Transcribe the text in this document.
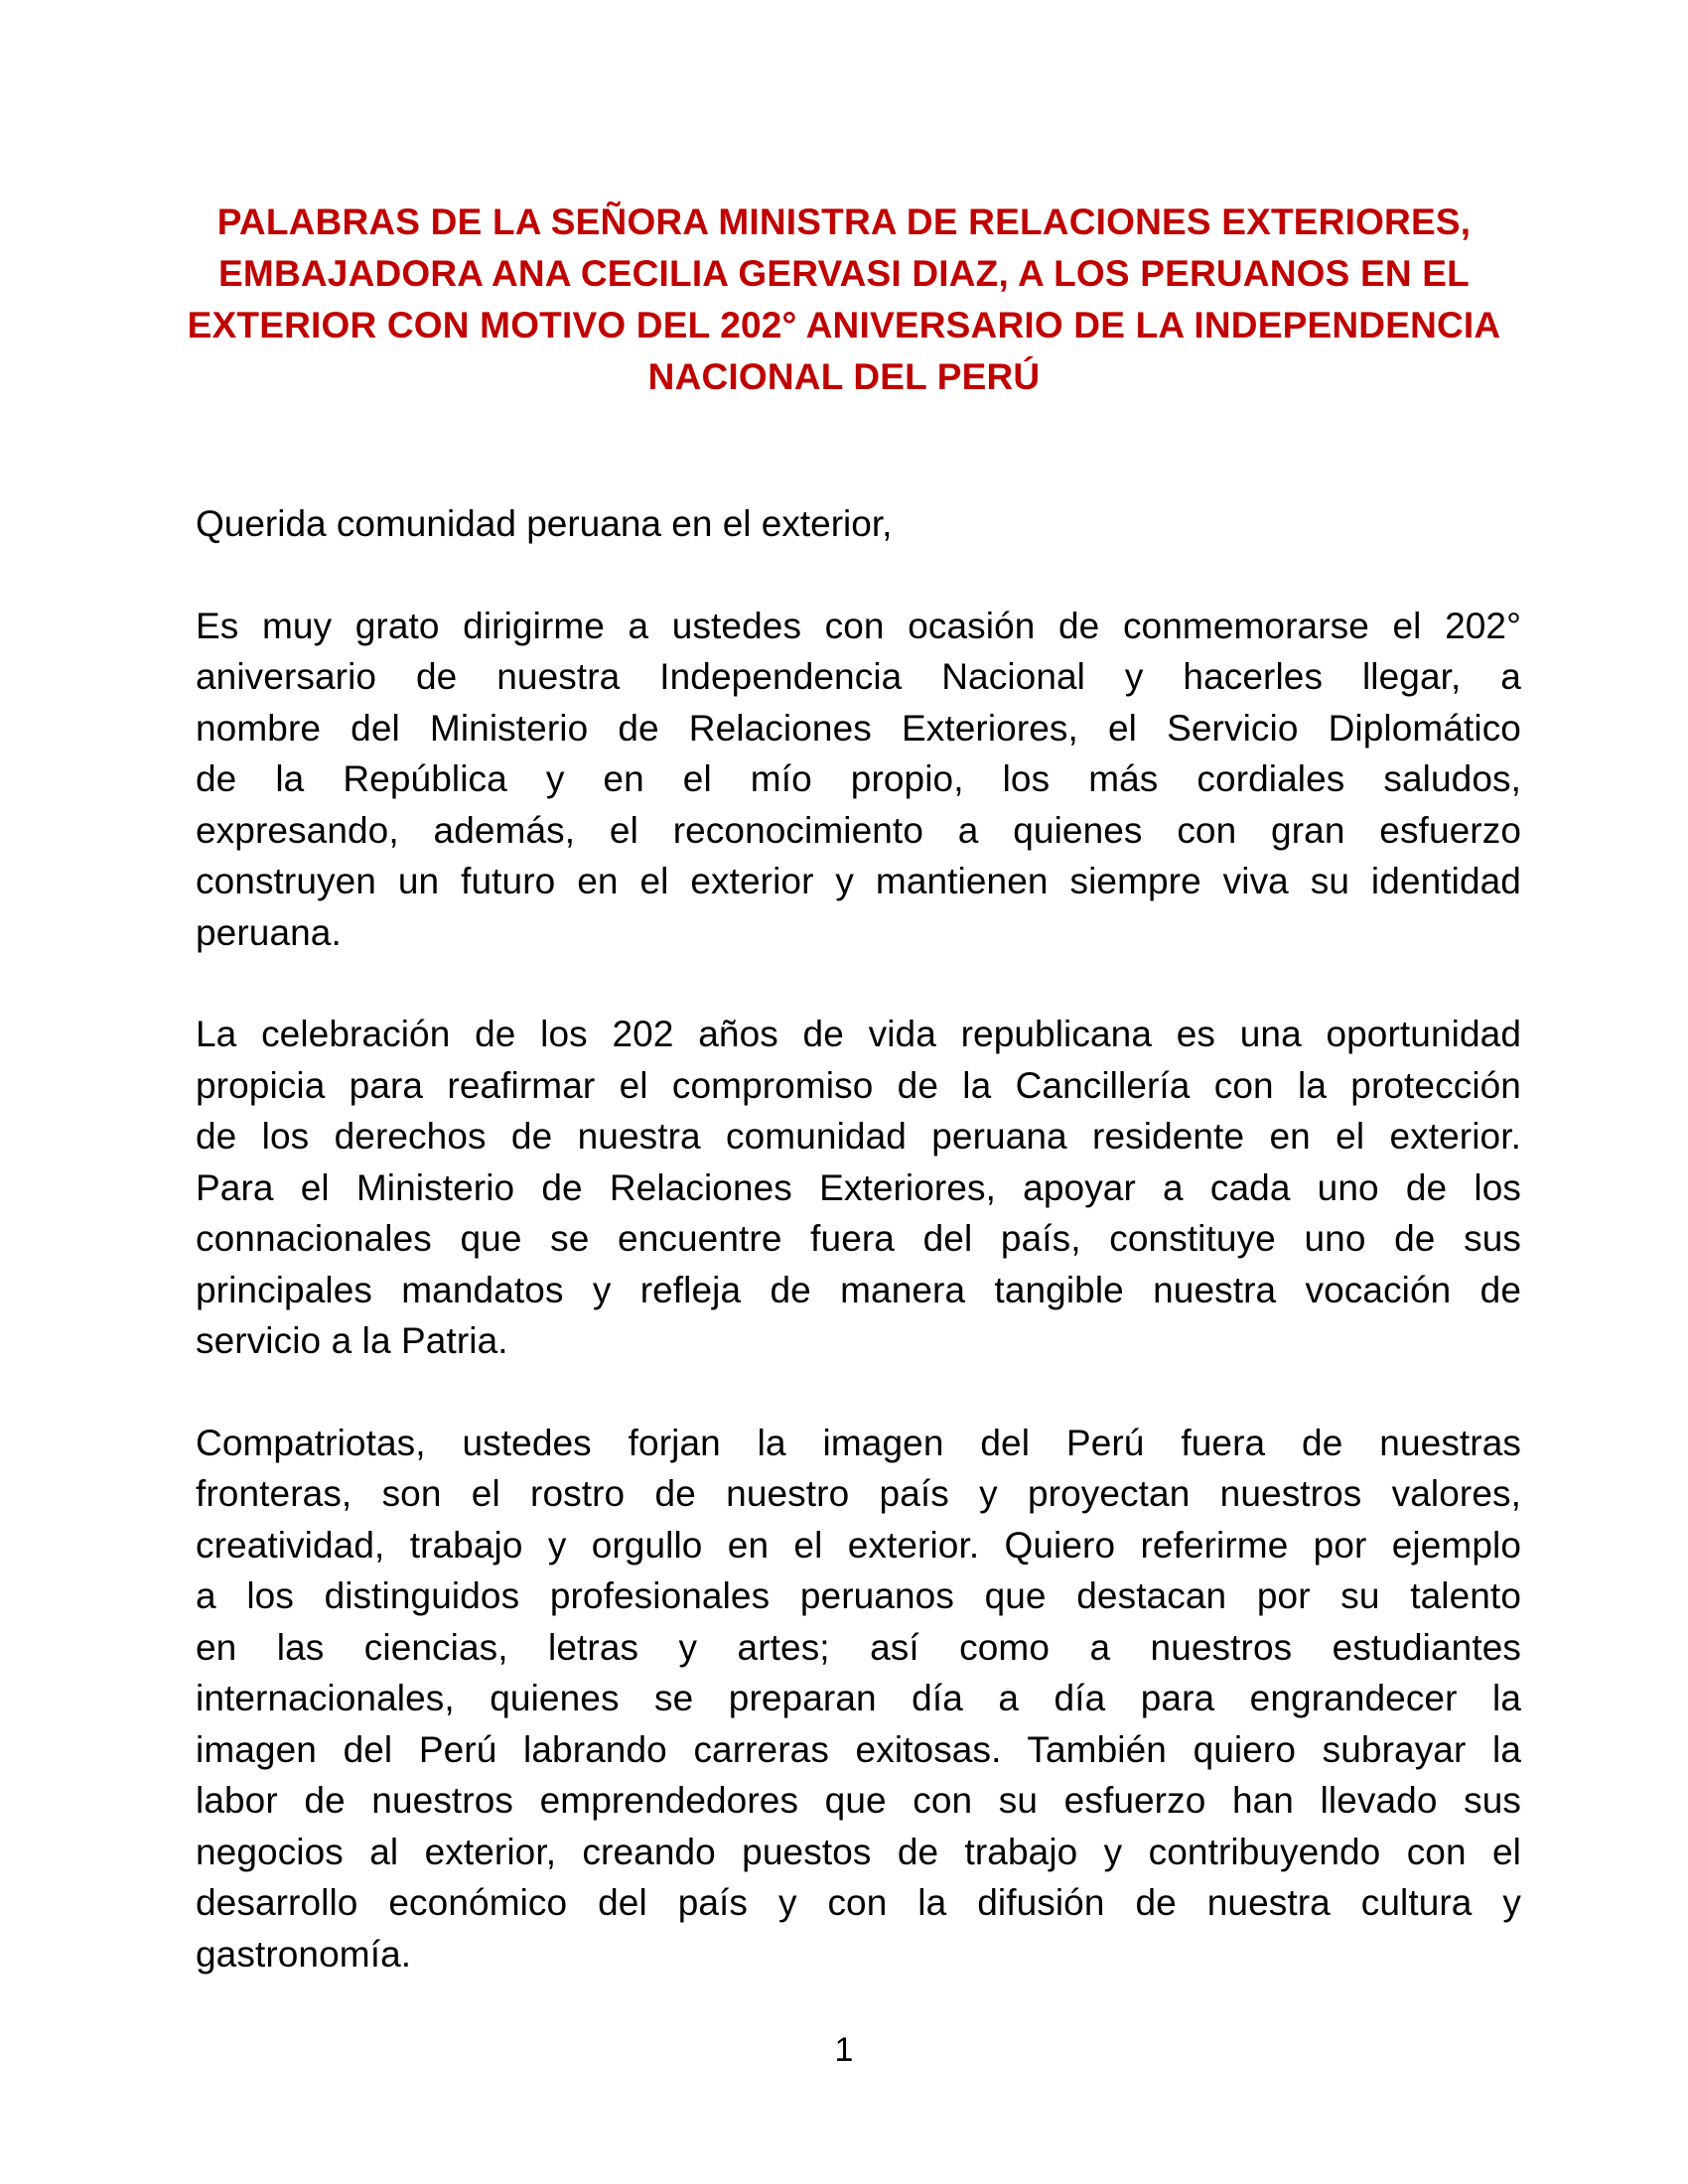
PALABRAS DE LA SEÑORA MINISTRA DE RELACIONES EXTERIORES,
EMBAJADORA ANA CECILIA GERVASI DIAZ, A LOS PERUANOS EN EL
EXTERIOR CON MOTIVO DEL 202° ANIVERSARIO DE LA INDEPENDENCIA
NACIONAL DEL PERÚ

Querida comunidad peruana en el exterior,

Es muy grato dirigirme a ustedes con ocasión de conmemorarse el 202°
aniversario de nuestra Independencia Nacional y hacerles llegar, a
nombre del Ministerio de Relaciones Exteriores, el Servicio Diplomático
de la República y en el mío propio, los más cordiales saludos,
expresando, además, el reconocimiento a quienes con gran esfuerzo
construyen un futuro en el exterior y mantienen siempre viva su identidad
peruana.

La celebración de los 202 años de vida republicana es una oportunidad
propicia para reafirmar el compromiso de la Cancillería con la protección
de los derechos de nuestra comunidad peruana residente en el exterior.
Para el Ministerio de Relaciones Exteriores, apoyar a cada uno de los
connacionales que se encuentre fuera del país, constituye uno de sus
principales mandatos y refleja de manera tangible nuestra vocación de
servicio a la Patria.

Compatriotas, ustedes forjan la imagen del Perú fuera de nuestras
fronteras, son el rostro de nuestro país y proyectan nuestros valores,
creatividad, trabajo y orgullo en el exterior. Quiero referirme por ejemplo
a los distinguidos profesionales peruanos que destacan por su talento
en las ciencias, letras y artes; así como a nuestros estudiantes
internacionales, quienes se preparan día a día para engrandecer la
imagen del Perú labrando carreras exitosas. También quiero subrayar la
labor de nuestros emprendedores que con su esfuerzo han llevado sus
negocios al exterior, creando puestos de trabajo y contribuyendo con el
desarrollo económico del país y con la difusión de nuestra cultura y
gastronomía.

1
